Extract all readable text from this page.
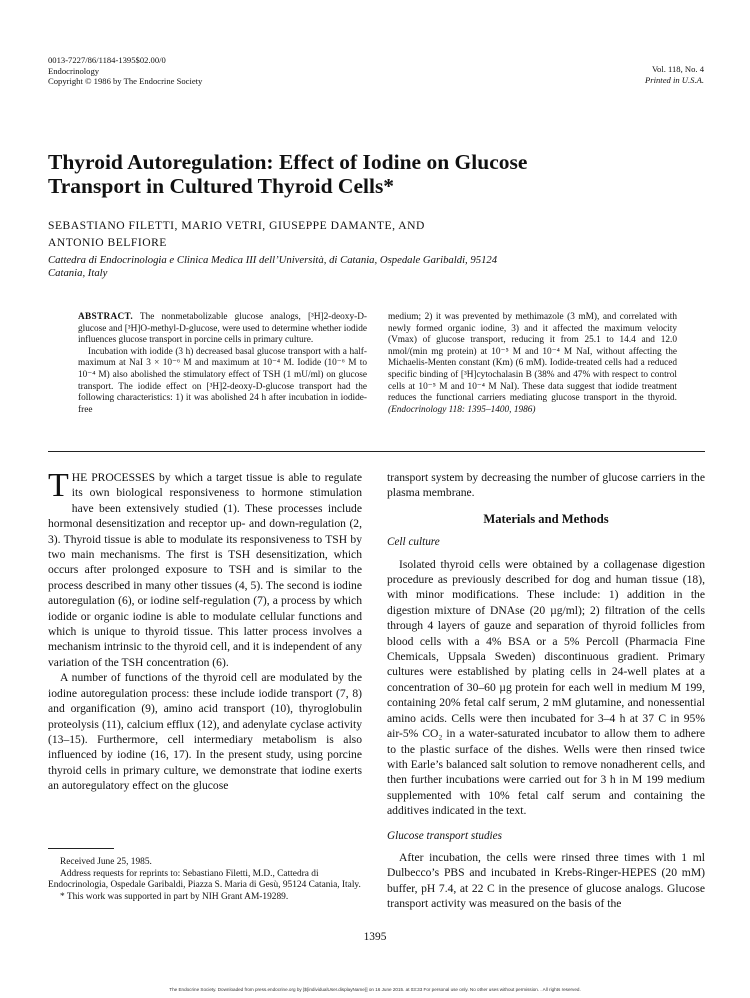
0013-7227/86/1184-1395$02.00/0
Endocrinology
Copyright © 1986 by The Endocrine Society
Vol. 118, No. 4
Printed in U.S.A.
Thyroid Autoregulation: Effect of Iodine on Glucose
Transport in Cultured Thyroid Cells*
SEBASTIANO FILETTI, MARIO VETRI, GIUSEPPE DAMANTE, AND
ANTONIO BELFIORE
Cattedra di Endocrinologia e Clinica Medica III dell’Università, di Catania, Ospedale Garibaldi, 95124
Catania, Italy

ABSTRACT. The nonmetabolizable glucose analogs, [³H]2-deoxy-D-glucose and [³H]O-methyl-D-glucose, were used to determine whether iodide influences glucose transport in porcine cells in primary culture.

Incubation with iodide (3 h) decreased basal glucose transport with a half-maximum at NaI 3 × 10⁻⁶ M and maximum at 10⁻⁴ M. Iodide (10⁻⁶ M to 10⁻⁴ M) also abolished the stimulatory effect of TSH (1 mU/ml) on glucose transport. The iodide effect on [³H]2-deoxy-D-glucose transport had the following characteristics: 1) it was abolished 24 h after incubation in iodide-free

medium; 2) it was prevented by methimazole (3 mM), and correlated with newly formed organic iodine, 3) and it affected the maximum velocity (Vmax) of glucose transport, reducing it from 25.1 to 14.4 and 12.0 nmol/(min mg protein) at 10⁻⁵ M and 10⁻⁴ M NaI, without affecting the Michaelis-Menten constant (Km) (6 mM). Iodide-treated cells had a reduced specific binding of [³H]cytochalasin B (38% and 47% with respect to control cells at 10⁻⁵ M and 10⁻⁴ M NaI). These data suggest that iodide treatment reduces the functional carriers mediating glucose transport in the thyroid. (Endocrinology 118: 1395–1400, 1986)

THE PROCESSES by which a target tissue is able to regulate its own biological responsiveness to hormone stimulation have been extensively studied (1). These processes include hormonal desensitization and receptor up- and down-regulation (2, 3). Thyroid tissue is able to modulate its responsiveness to TSH by two main mechanisms. The first is TSH desensitization, which occurs after prolonged exposure to TSH and is similar to the process described in many other tissues (4, 5). The second is iodine autoregulation (6), or iodine self-regulation (7), a process by which iodide or organic iodine is able to modulate cellular functions and which is unique to thyroid tissue. This latter process involves a mechanism intrinsic to the thyroid cell, and it is independent of any variation of the TSH concentration (6).

A number of functions of the thyroid cell are modulated by the iodine autoregulation process: these include iodide transport (7, 8) and organification (9), amino acid transport (10), thyroglobulin proteolysis (11), calcium efflux (12), and adenylate cyclase activity (13–15). Furthermore, cell intermediary metabolism is also influenced by iodine (16, 17). In the present study, using porcine thyroid cells in primary culture, we demonstrate that iodine exerts an autoregulatory effect on the glucose

transport system by decreasing the number of glucose carriers in the plasma membrane.

Materials and Methods
Cell culture

Isolated thyroid cells were obtained by a collagenase digestion procedure as previously described for dog and human tissue (18), with minor modifications. These include: 1) addition in the digestion mixture of DNAse (20 µg/ml); 2) filtration of the cells through 4 layers of gauze and separation of thyroid follicles from blood cells with a 4% BSA or a 5% Percoll (Pharmacia Fine Chemicals, Uppsala Sweden) discontinuous gradient. Primary cultures were established by plating cells in 24-well plates at a concentration of 30–60 µg protein for each well in medium M 199, containing 20% fetal calf serum, 2 mM glutamine, and nonessential amino acids. Cells were then incubated for 3–4 h at 37 C in 95% air-5% CO₂ in a water-saturated incubator to allow them to adhere to the plastic surface of the dishes. Wells were then rinsed twice with Earle’s balanced salt solution to remove nonadherent cells, and then further incubations were carried out for 3 h in M 199 medium supplemented with 10% fetal calf serum and containing the additives indicated in the text.

Glucose transport studies

After incubation, the cells were rinsed three times with 1 ml Dulbecco’s PBS and incubated in Krebs-Ringer-HEPES (20 mM) buffer, pH 7.4, at 22 C in the presence of glucose analogs. Glucose transport activity was measured on the basis of the

Received June 25, 1985.

Address requests for reprints to: Sebastiano Filetti, M.D., Cattedra di Endocrinologia, Ospedale Garibaldi, Piazza S. Maria di Gesù, 95124 Catania, Italy.

* This work was supported in part by NIH Grant AM-19289.

1395
The Endocrine Society. Downloaded from press.endocrine.org by [${individualUser.displayName}] on 16 June 2015. at 03:33 For personal use only. No other uses without permission. . All rights reserved.
